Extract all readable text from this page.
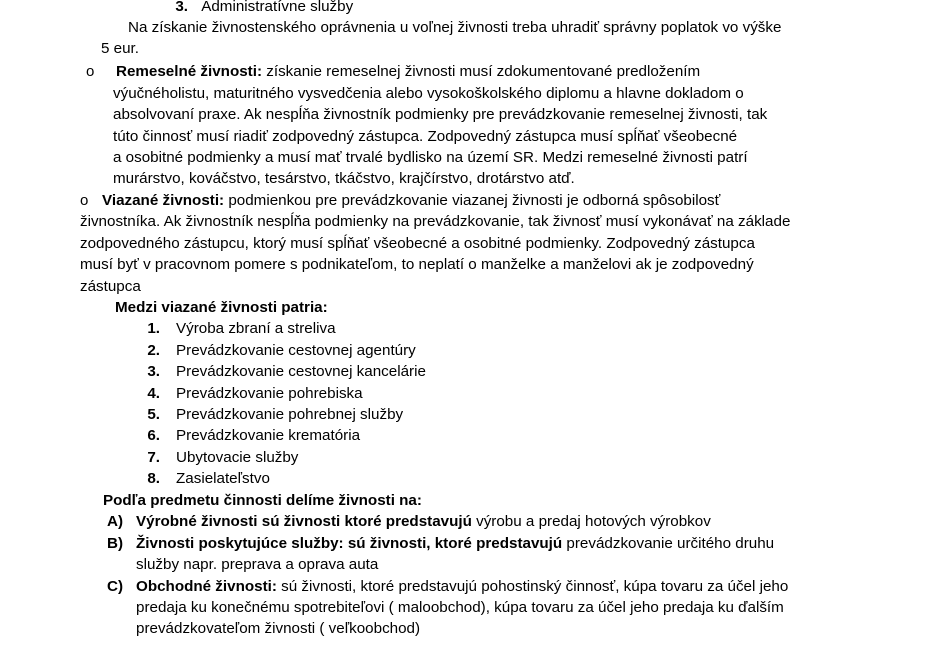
3. Administratívne služby
Na získanie živnostenského oprávnenia u voľnej živnosti treba uhradiť správny poplatok vo výške
5 eur.
o Remeselné živnosti: získanie remeselnej živnosti musí zdokumentované predložením
výučnéholistu, maturitného vysvedčenia alebo vysokoškolského diplomu a hlavne dokladom o
absolvovaní praxe. Ak nespĺňa živnostník podmienky pre prevádzkovanie remeselnej živnosti, tak
túto činnosť musí riadiť zodpovedný zástupca. Zodpovedný zástupca musí spĺňať všeobecné
a osobitné podmienky a musí mať trvalé bydlisko na území SR. Medzi remeselné živnosti patrí
murárstvo, kováčstvo, tesárstvo, tkáčstvo, krajčírstvo, drotárstvo atď.
o Viazané živnosti: podmienkou pre prevádzkovanie viazanej živnosti je odborná spôsobilosť
živnostníka. Ak živnostník nespĺňa podmienky na prevádzkovanie, tak živnosť musí vykonávať na základe
zodpovedného zástupcu, ktorý musí spĺňať všeobecné a osobitné podmienky. Zodpovedný zástupca
musí byť v pracovnom pomere s podnikateľom, to neplatí o manželke a manželovi ak je zodpovedný
zástupca
Medzi viazané živnosti patria:
1. Výroba zbraní a streliva
2. Prevádzkovanie cestovnej agentúry
3. Prevádzkovanie cestovnej kancelárie
4. Prevádzkovanie pohrebiska
5. Prevádzkovanie pohrebnej služby
6. Prevádzkovanie krematória
7. Ubytovacie služby
8. Zasielateľstvo
Podľa predmetu činnosti delíme živnosti na:
A) Výrobné živnosti sú živnosti ktoré predstavujú výrobu a predaj hotových výrobkov
B) Živnosti poskytujúce služby: sú živnosti, ktoré predstavujú prevádzkovanie určitého druhu
služby napr. preprava a oprava auta
C) Obchodné živnosti: sú živnosti, ktoré predstavujú pohostinský činnosť, kúpa tovaru za účel jeho
predaja ku konečnému spotrebiteľovi ( maloobchod), kúpa tovaru za účel jeho predaja ku ďalším
prevádzkovateľom živnosti ( veľkoobchod)
